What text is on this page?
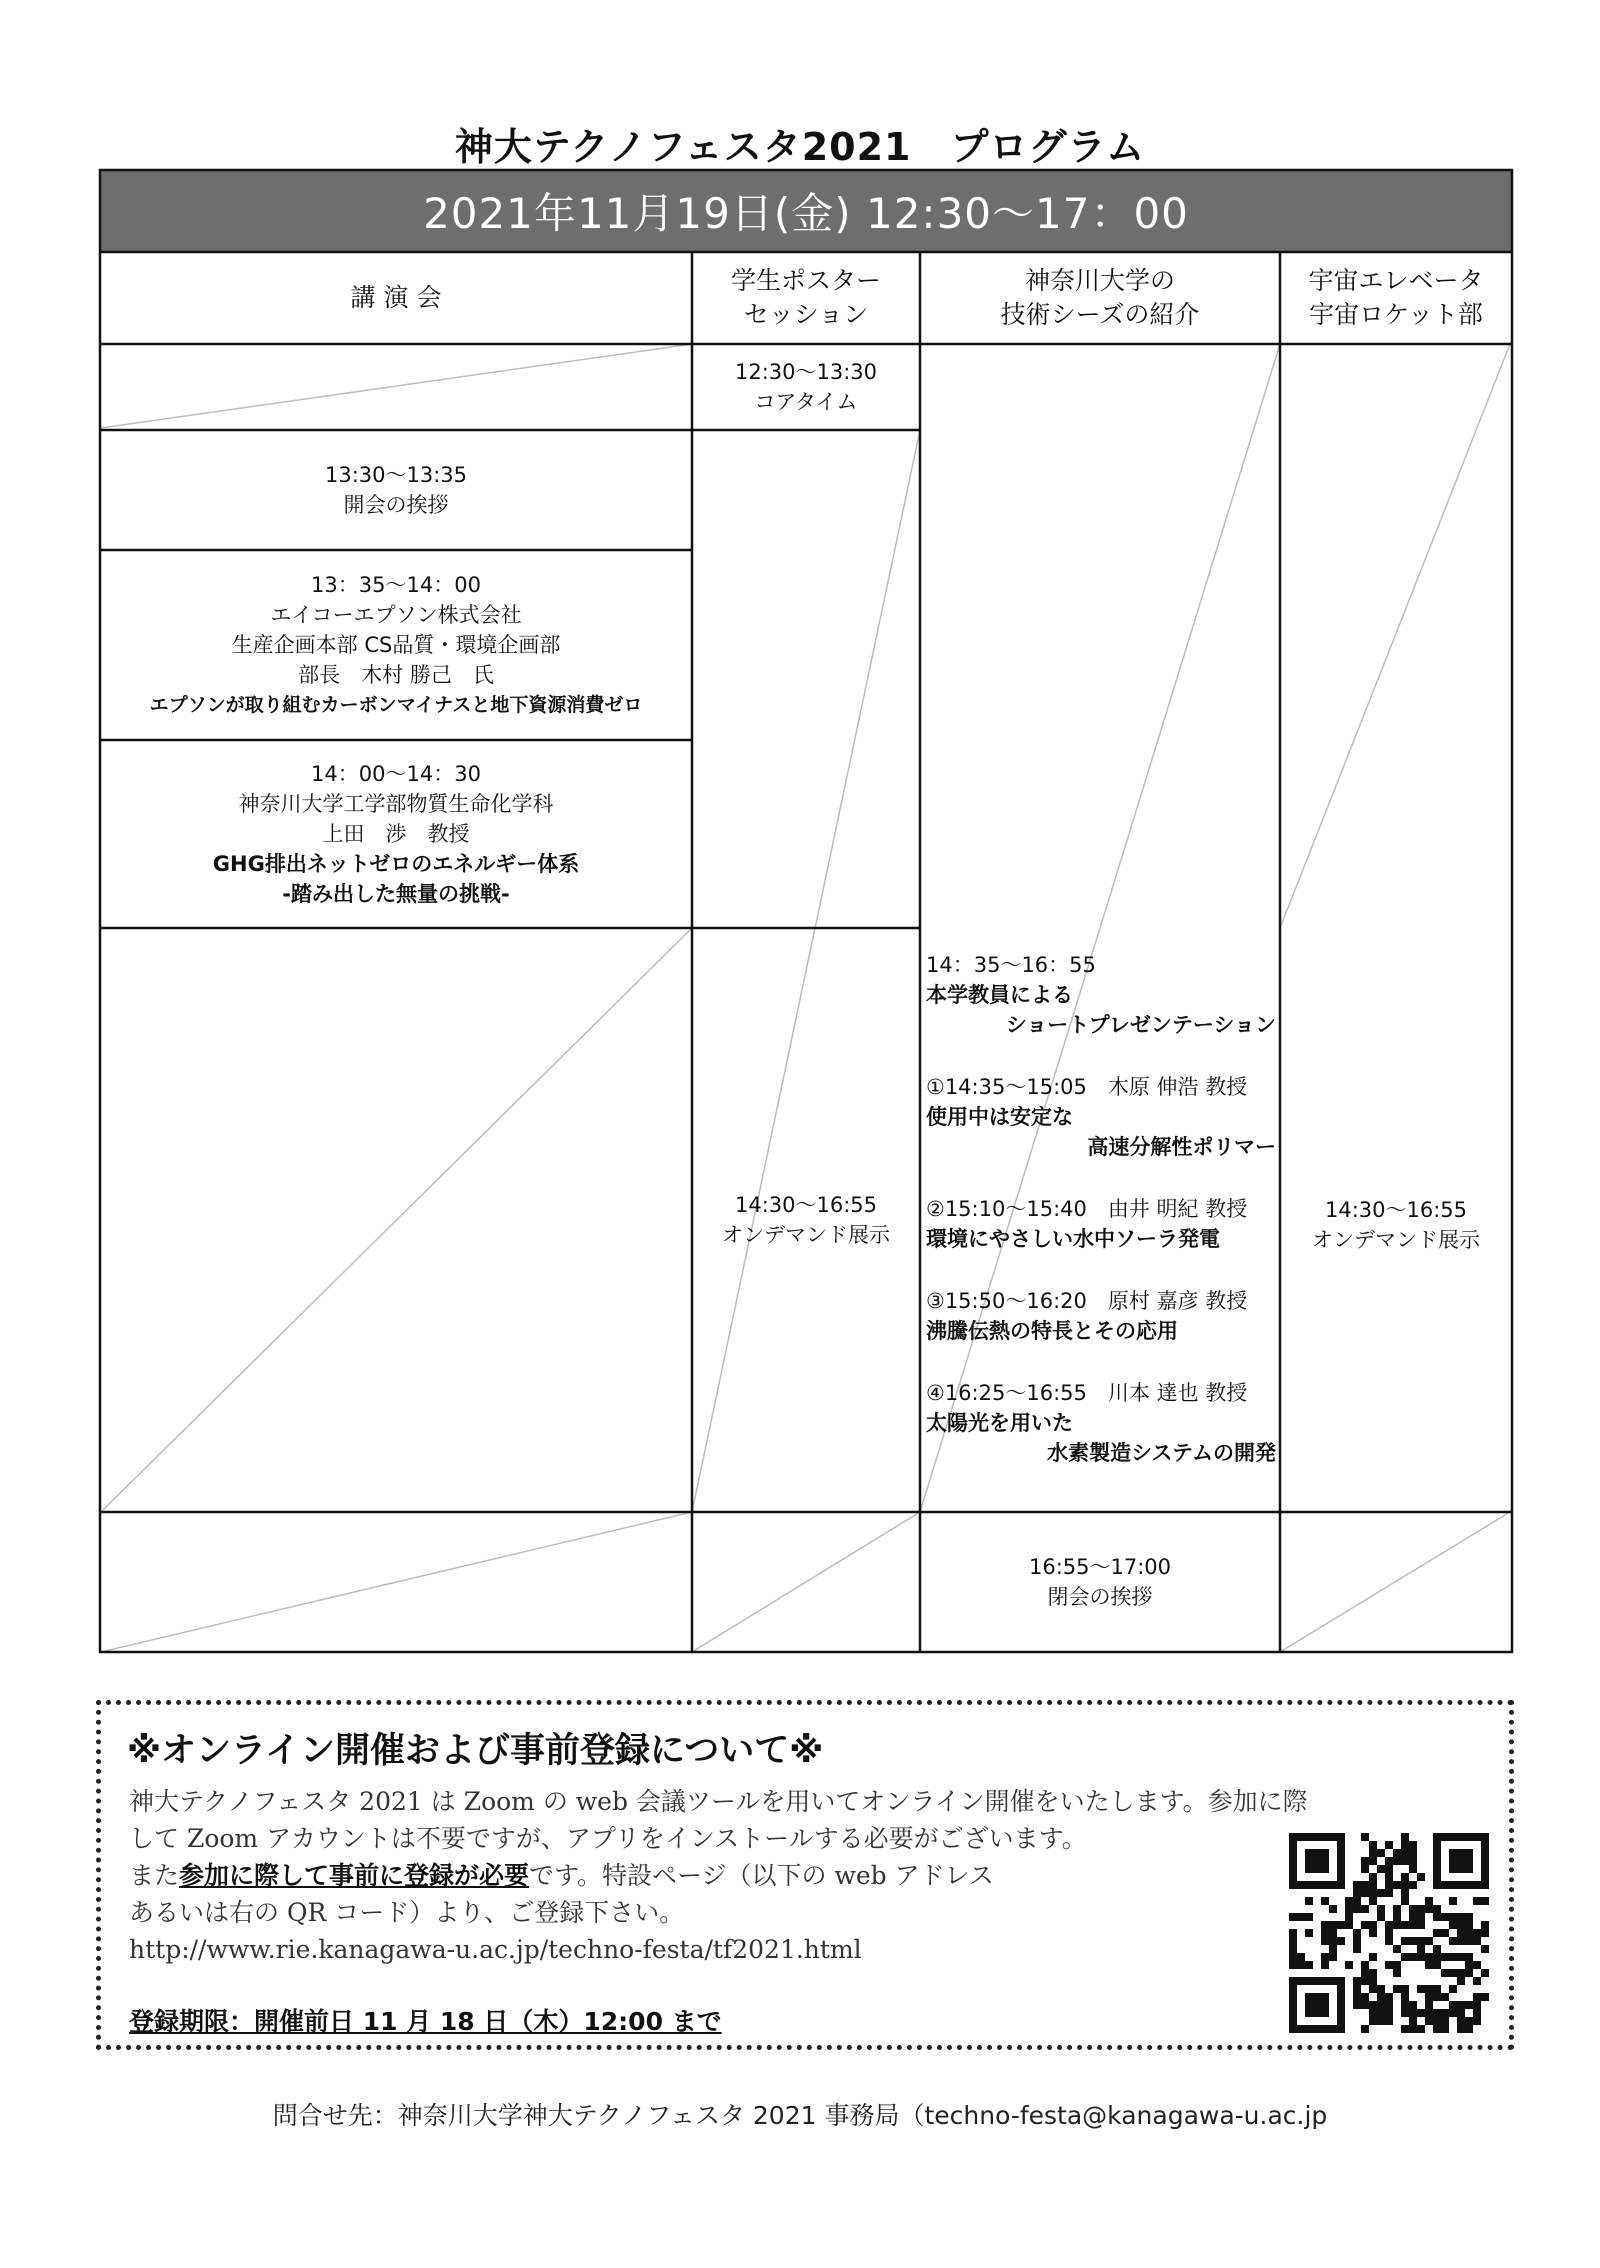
神大テクノフェスタ2021　プログラム
2021年11月19日(金) 12:30〜17：00
講 演 会
学生ポスター
セッション
神奈川大学の
技術シーズの紹介
宇宙エレベータ
宇宙ロケット部
12:30〜13:30
コアタイム
13:30〜13:35
開会の挨拶
13：35〜14：00
エイコーエプソン株式会社
生産企画本部 CS品質・環境企画部
部長　木村 勝己　氏
エプソンが取り組むカーボンマイナスと地下資源消費ゼロ
14：00〜14：30
神奈川大学工学部物質生命化学科
上田　渉　教授
GHG排出ネットゼロのエネルギー体系
-踏み出した無量の挑戦-
14:30〜16:55
オンデマンド展示
14：35〜16：55
本学教員による
ショートプレゼンテーション
①14:35〜15:05　木原 伸浩 教授
使用中は安定な
高速分解性ポリマー
②15:10〜15:40　由井 明紀 教授
環境にやさしい水中ソーラ発電
③15:50〜16:20　原村 嘉彦 教授
沸騰伝熱の特長とその応用
④16:25〜16:55　川本 達也 教授
太陽光を用いた
水素製造システムの開発
14:30〜16:55
オンデマンド展示
16:55〜17:00
閉会の挨拶
※オンライン開催および事前登録について※
神大テクノフェスタ 2021 は Zoom の web 会議ツールを用いてオンライン開催をいたします。参加に際
して Zoom アカウントは不要ですが、アプリをインストールする必要がございます。
また参加に際して事前に登録が必要です。特設ページ（以下の web アドレス
あるいは右の QR コード）より、ご登録下さい。
http://www.rie.kanagawa-u.ac.jp/techno-festa/tf2021.html
登録期限：開催前日 11 月 18 日（木）12:00 まで
問合せ先：神奈川大学神大テクノフェスタ 2021 事務局（techno-festa@kanagawa-u.ac.jp
